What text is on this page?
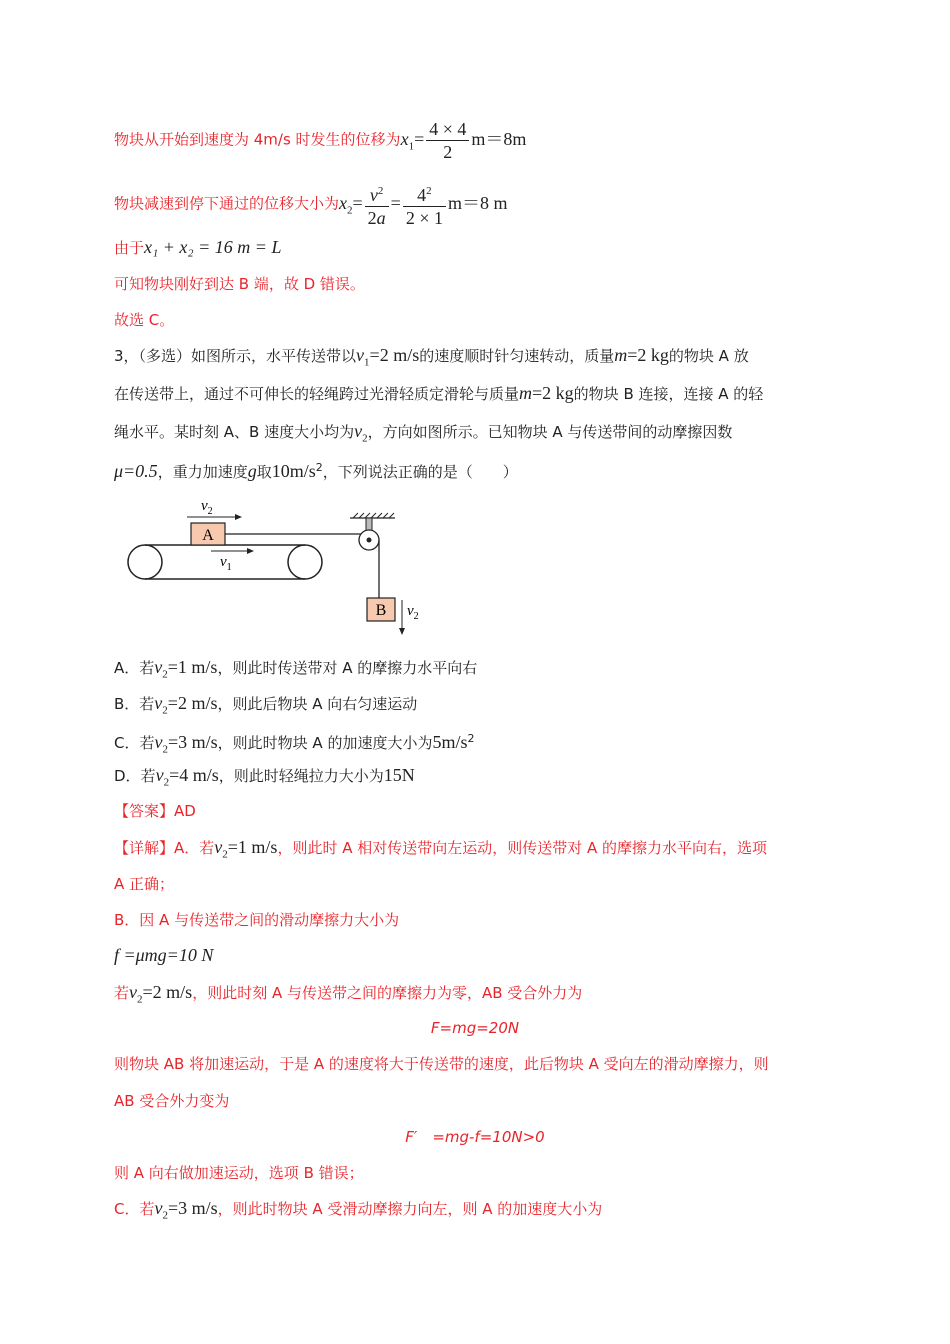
物块从开始到速度为 4m/s 时发生的位移为$x_1= \frac{4 \times 4}{2} m=8m$
物块减速到停下通过的位移大小为$x_2= \frac{v^2}{2a} = \frac{4^2}{2 \times 1} m=8$ m
由于x₁ + x₂ = 16 m = L
可知物块刚好到达 B 端，故 D 错误。
故选 C。
3，（多选）如图所示，水平传送带以$v_1=2$ m/s的速度顺时针匀速转动，质量m=2 kg的物块 A 放
在传送带上，通过不可伸长的轻绳跨过光滑轻质定滑轮与质量m=2 kg的物块 B 连接，连接 A 的轻
绳水平。某时刻 A、B 速度大小均为$v_2$，方向如图所示。已知物块 A 与传送带间的动摩擦因数
μ=0.5，重力加速度g取$10m/s^2$，下列说法正确的是（　　）
A
$v_2$
$v_1$
B $v_2$
A．若$v_2=1$ m/s，则此时传送带对 A 的摩擦力水平向右
B．若$v_2=2$ m/s，则此后物块 A 向右匀速运动
C．若$v_2=3$ m/s，则此时物块 A 的加速度大小为$5m/s^2$
D．若$v_2=4$ m/s，则此时轻绳拉力大小为15N
【答案】AD
【详解】A．若$v_2=1$ m/s，则此时 A 相对传送带向左运动，则传送带对 A 的摩擦力水平向右，选项
A 正确；
B．因 A 与传送带之间的滑动摩擦力大小为
f =μmg=10 N
若$v_2=2$ m/s，则此时刻 A 与传送带之间的摩擦力为零，AB 受合外力为
F=mg=20N
则物块 AB 将加速运动，于是 A 的速度将大于传送带的速度，此后物块 A 受向左的滑动摩擦力，则
AB 受合外力变为
F′　=mg-f=10N>0
则 A 向右做加速运动，选项 B 错误；
C．若$v_2=3$ m/s，则此时物块 A 受滑动摩擦力向左，则 A 的加速度大小为
